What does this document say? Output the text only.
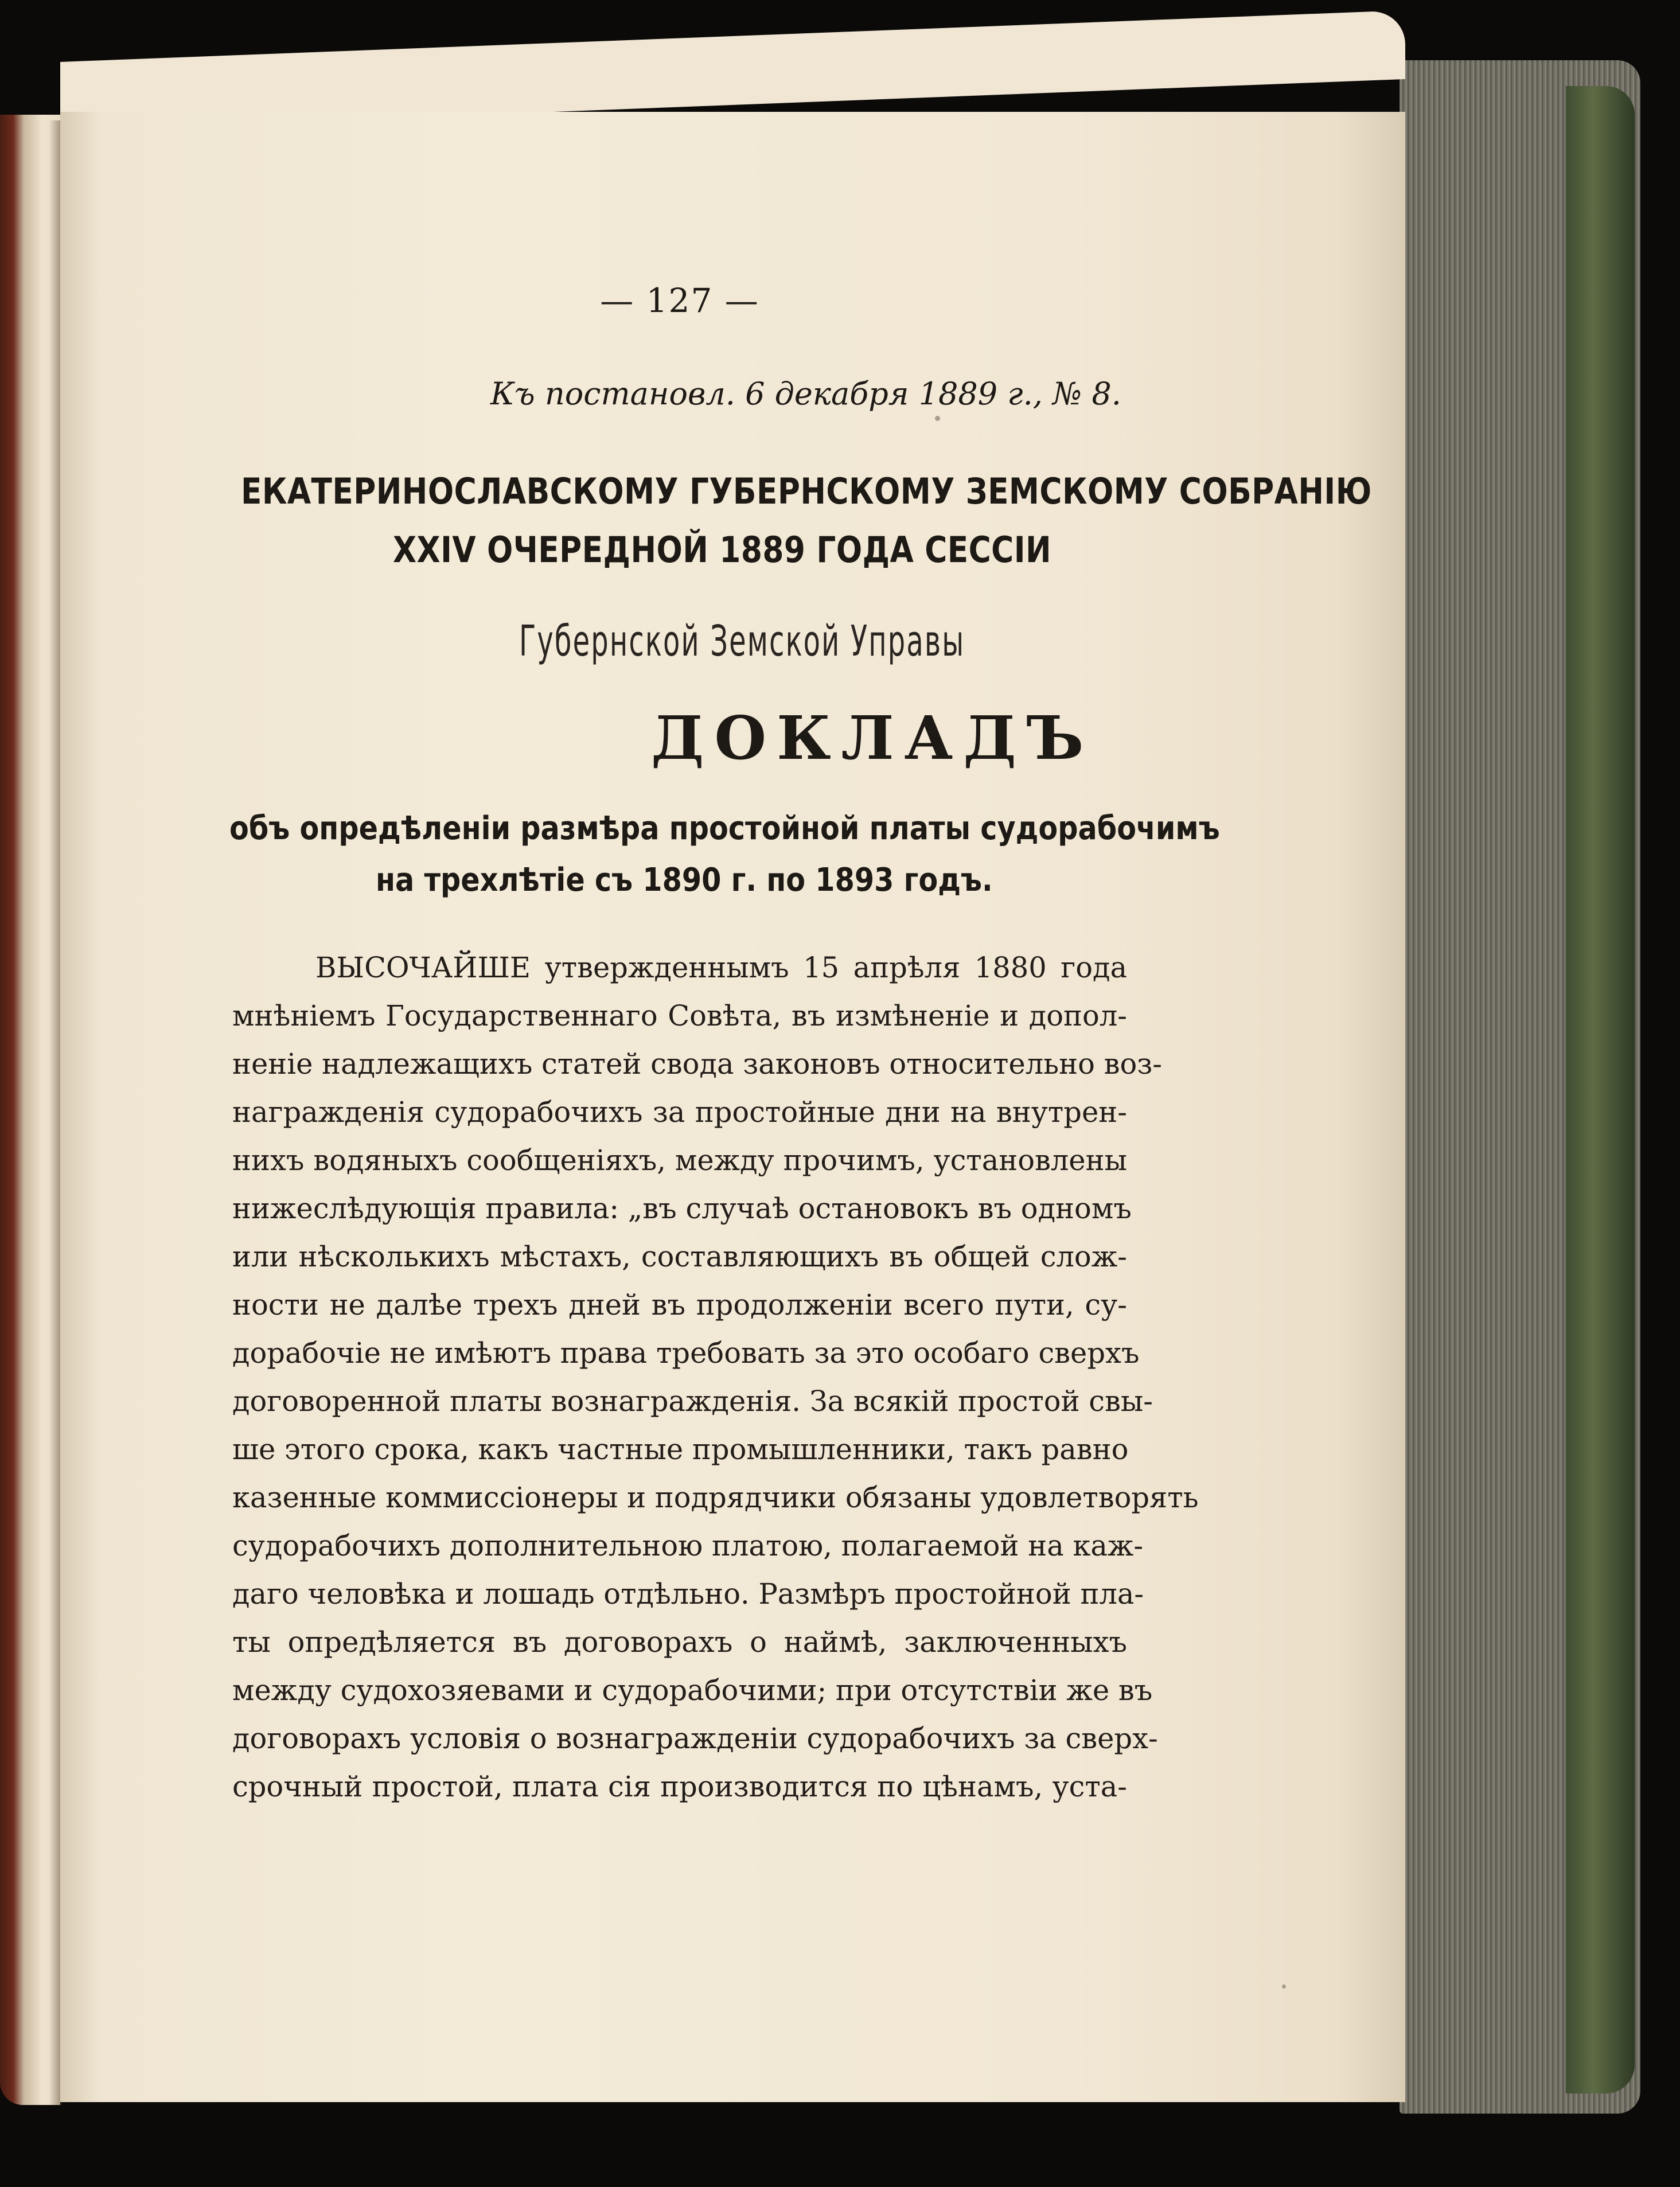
— 127 —
Къ постановл. 6 декабря 1889 г., № 8.
ЕКАТЕРИНОСЛАВСКОМУ ГУБЕРНСКОМУ ЗЕМСКОМУ СОБРАНІЮ
XXIV ОЧЕРЕДНОЙ 1889 ГОДА СЕССІИ
Губернской Земской Управы
ДОКЛАДЪ
объ опредѣленіи размѣра простойной платы судорабочимъ
на трехлѣтіе съ 1890 г. по 1893 годъ.
ВЫСОЧАЙШЕ утвержденнымъ 15 апрѣля 1880 года
мнѣніемъ Государственнаго Совѣта, въ измѣненіе и допол-
неніе надлежащихъ статей свода законовъ относительно воз-
награжденія судорабочихъ за простойные дни на внутрен-
нихъ водяныхъ сообщеніяхъ, между прочимъ, установлены
нижеслѣдующія правила: „въ случаѣ остановокъ въ одномъ
или нѣсколькихъ мѣстахъ, составляющихъ въ общей слож-
ности не далѣе трехъ дней въ продолженіи всего пути, су-
дорабочіе не имѣютъ права требовать за это особаго сверхъ
договоренной платы вознагражденія. За всякій простой свы-
ше этого срока, какъ частные промышленники, такъ равно
казенные коммиссіонеры и подрядчики обязаны удовлетворять
судорабочихъ дополнительною платою, полагаемой на каж-
даго человѣка и лошадь отдѣльно. Размѣръ простойной пла-
ты опредѣляется въ договорахъ о наймѣ, заключенныхъ
между судохозяевами и судорабочими; при отсутствіи же въ
договорахъ условія о вознагражденіи судорабочихъ за сверх-
срочный простой, плата сія производится по цѣнамъ, уста-
